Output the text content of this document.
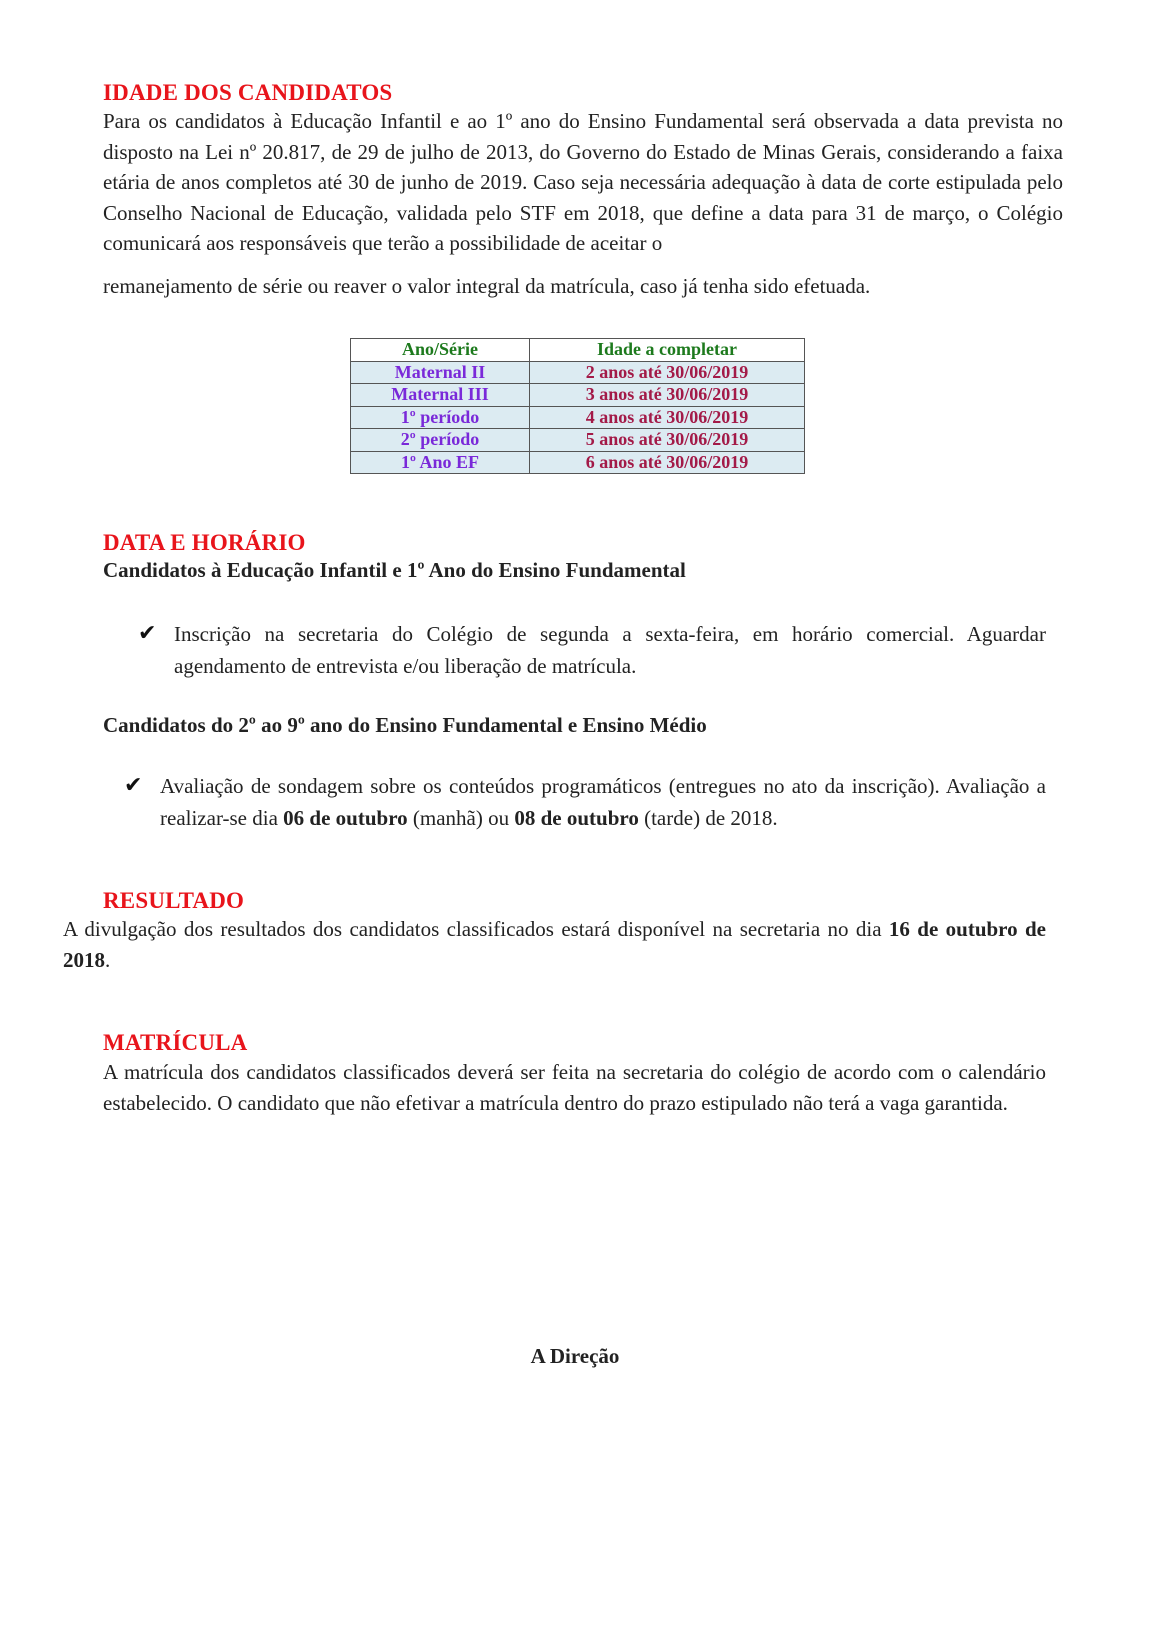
IDADE DOS CANDIDATOS

Para os candidatos à Educação Infantil e ao 1º ano do Ensino Fundamental será observada a data prevista no disposto na Lei nº 20.817, de 29 de julho de 2013, do Governo do Estado de Minas Gerais, considerando a faixa etária de anos completos até 30 de junho de 2019. Caso seja necessária adequação à data de corte estipulada pelo Conselho Nacional de Educação, validada pelo STF em 2018, que define a data para 31 de março, o Colégio comunicará aos responsáveis que terão a possibilidade de aceitar o
remanejamento de série ou reaver o valor integral da matrícula, caso já tenha sido efetuada.

Ano/Série	Idade a completar
Maternal II	2 anos até 30/06/2019
Maternal III	3 anos até 30/06/2019
1º período	4 anos até 30/06/2019
2º período	5 anos até 30/06/2019
1º Ano EF	6 anos até 30/06/2019
DATA E HORÁRIO

Candidatos à Educação Infantil e 1º Ano do Ensino Fundamental

✔ Inscrição na secretaria do Colégio de segunda a sexta-feira, em horário comercial. Aguardar agendamento de entrevista e/ou liberação de matrícula.

Candidatos do 2º ao 9º ano do Ensino Fundamental e Ensino Médio

✔ Avaliação de sondagem sobre os conteúdos programáticos (entregues no ato da inscrição). Avaliação a realizar-se dia 06 de outubro (manhã) ou 08 de outubro (tarde) de 2018.

RESULTADO

A divulgação dos resultados dos candidatos classificados estará disponível na secretaria no dia 16 de outubro de 2018.

MATRÍCULA

A matrícula dos candidatos classificados deverá ser feita na secretaria do colégio de acordo com o calendário estabelecido. O candidato que não efetivar a matrícula dentro do prazo estipulado não terá a vaga garantida.

A Direção
